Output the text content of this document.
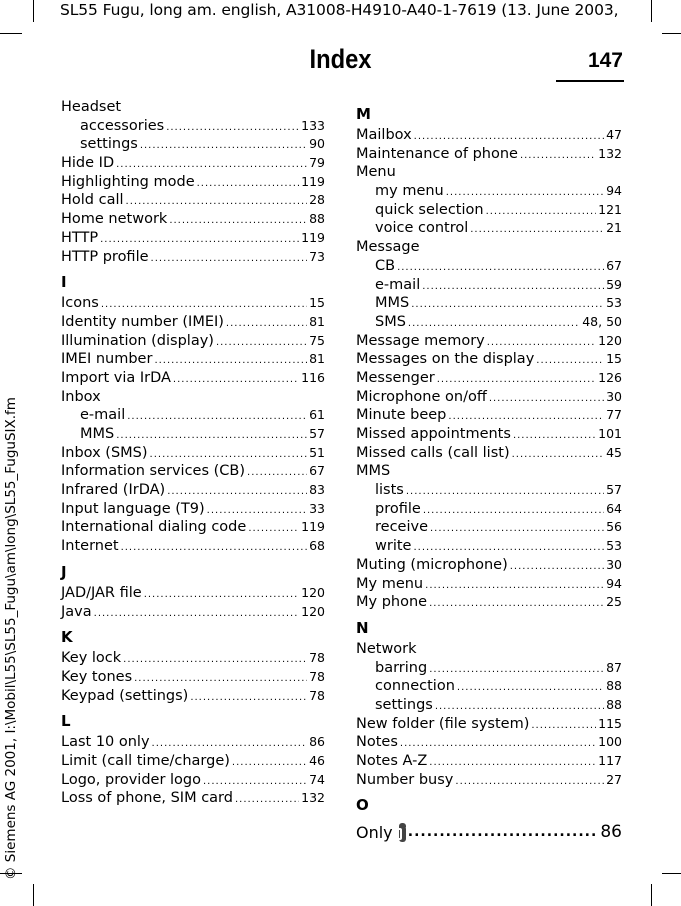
SL55 Fugu, long am. english, A31008-H4910-A40-1-7619 (13. June 2003,
Index	147
© Siemens AG 2001, I:\Mobil\L55\SL55_Fugu\am\long\SL55_FuguSIX.fm
Headset
accessories .....	133
settings .....	90
Hide ID .....	79
Highlighting mode .....	119
Hold call .....	28
Home network .....	88
HTTP .....	119
HTTP profile .....	73
I
Icons .....	15
Identity number (IMEI) .....	81
Illumination (display) .....	75
IMEI number .....	81
Import via IrDA .....	116
Inbox
e-mail .....	61
MMS .....	57
Inbox (SMS) .....	51
Information services (CB) .....	67
Infrared (IrDA) .....	83
Input language (T9) .....	33
International dialing code .....	119
Internet .....	68
J
JAD/JAR file .....	120
Java .....	120
K
Key lock .....	78
Key tones .....	78
Keypad (settings) .....	78
L
Last 10 only .....	86
Limit (call time/charge) .....	46
Logo, provider logo .....	74
Loss of phone, SIM card .....	132
M
Mailbox .....	47
Maintenance of phone .....	132
Menu
my menu .....	94
quick selection .....	121
voice control .....	21
Message
CB .....	67
e-mail .....	59
MMS .....	53
SMS .....	48, 50
Message memory .....	120
Messages on the display .....	15
Messenger .....	126
Microphone on/off .....	30
Minute beep .....	77
Missed appointments .....	101
Missed calls (call list) .....	45
MMS
lists .....	57
profile .....	64
receive .....	56
write .....	53
Muting (microphone) .....	30
My menu .....	94
My phone .....	25
N
Network
barring .....	87
connection .....	88
settings .....	88
New folder (file system) .....	115
Notes .....	100
Notes A-Z .....	117
Number busy .....	27
O
Only .....	86
